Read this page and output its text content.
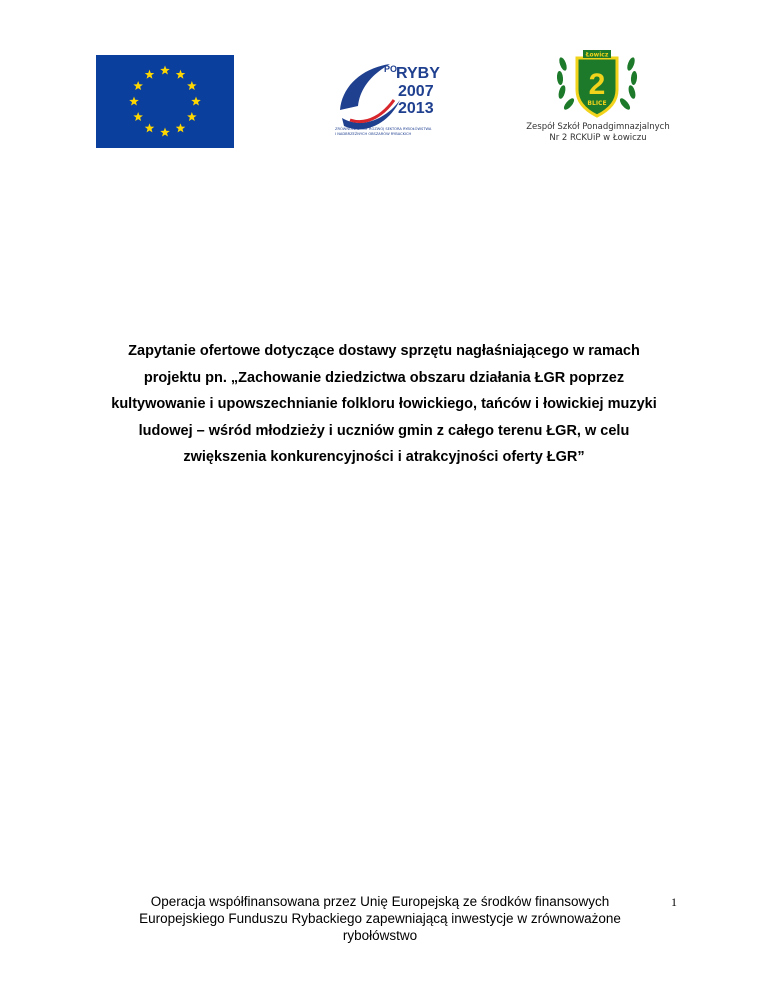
PO
RYBY
2007
2013
ZRÓWNOWAŻONY ROZWÓJ SEKTORA RYBOŁÓWSTWA
I NADBRZEŻNYCH OBSZARÓW RYBACKICH
Łowicz
2
BLICE
Zespół Szkół Ponadgimnazjalnych
Nr 2 RCKUiP w Łowiczu
Zapytanie ofertowe dotyczące dostawy sprzętu nagłaśniającego w ramach
projektu pn. „Zachowanie dziedzictwa obszaru działania ŁGR poprzez
kultywowanie i upowszechnianie folkloru łowickiego, tańców i łowickiej muzyki
ludowej – wśród młodzieży i uczniów gmin z całego terenu ŁGR, w celu
zwiększenia konkurencyjności i atrakcyjności oferty ŁGR”
Operacja współfinansowana przez Unię Europejską ze środków finansowych
Europejskiego Funduszu Rybackiego zapewniającą inwestycje w zrównoważone
rybołówstwo
1
